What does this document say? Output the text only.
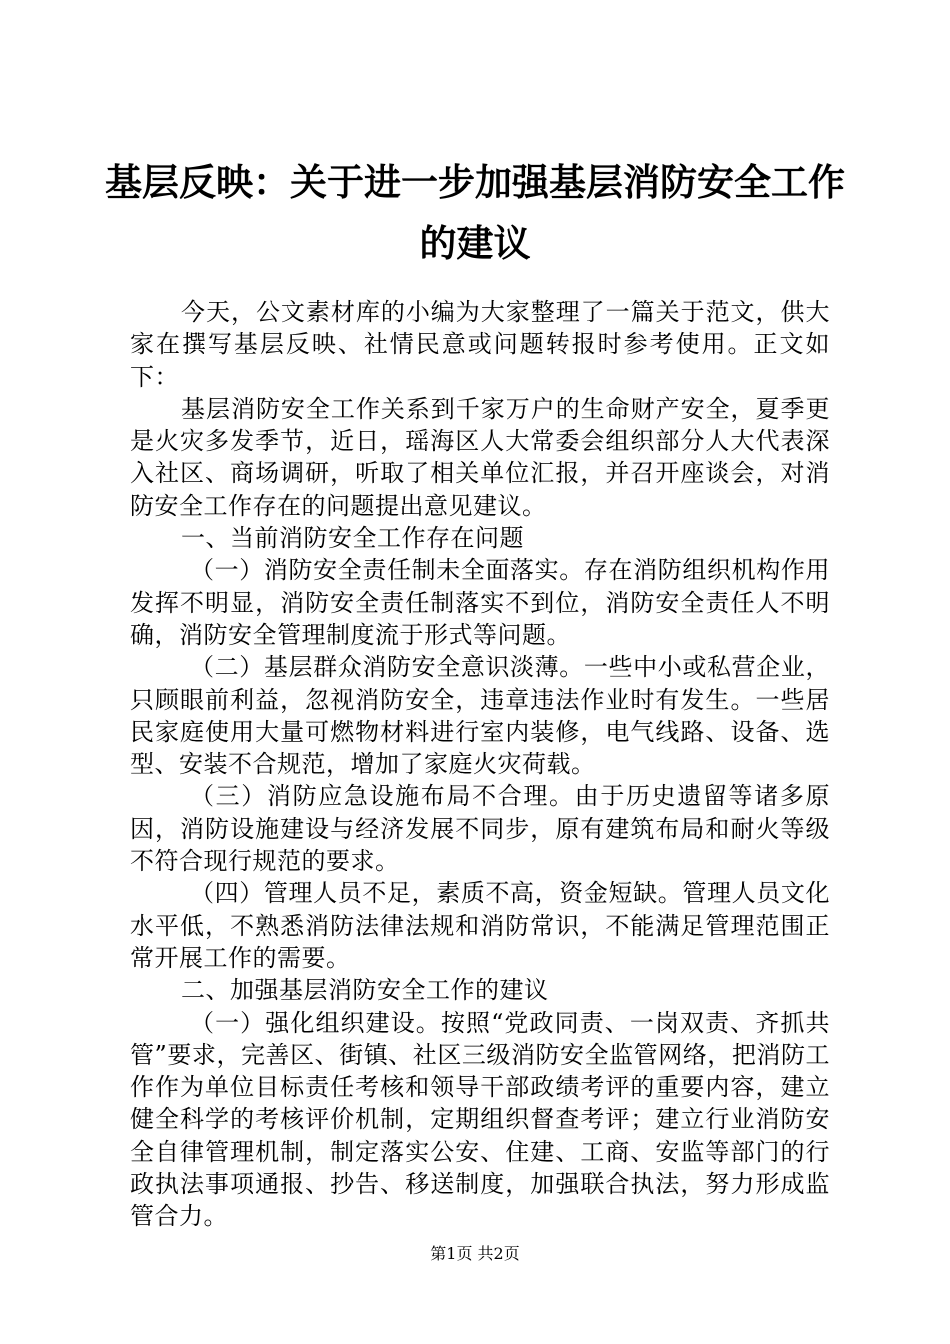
基层反映：关于进一步加强基层消防安全工作
的建议

今天，公文素材库的小编为大家整理了一篇关于范文，供大家在撰写基层反映、社情民意或问题转报时参考使用。正文如下：

基层消防安全工作关系到千家万户的生命财产安全，夏季更是火灾多发季节，近日，瑶海区人大常委会组织部分人大代表深入社区、商场调研，听取了相关单位汇报，并召开座谈会，对消防安全工作存在的问题提出意见建议。

一、当前消防安全工作存在问题

（一）消防安全责任制未全面落实。存在消防组织机构作用发挥不明显，消防安全责任制落实不到位，消防安全责任人不明确，消防安全管理制度流于形式等问题。

（二）基层群众消防安全意识淡薄。一些中小或私营企业，只顾眼前利益，忽视消防安全，违章违法作业时有发生。一些居民家庭使用大量可燃物材料进行室内装修，电气线路、设备、选型、安装不合规范，增加了家庭火灾荷载。

（三）消防应急设施布局不合理。由于历史遗留等诸多原因，消防设施建设与经济发展不同步，原有建筑布局和耐火等级不符合现行规范的要求。

（四）管理人员不足，素质不高，资金短缺。管理人员文化水平低，不熟悉消防法律法规和消防常识，不能满足管理范围正常开展工作的需要。

二、加强基层消防安全工作的建议

（一）强化组织建设。按照“党政同责、一岗双责、齐抓共管”要求，完善区、街镇、社区三级消防安全监管网络，把消防工作作为单位目标责任考核和领导干部政绩考评的重要内容，建立健全科学的考核评价机制，定期组织督查考评；建立行业消防安全自律管理机制，制定落实公安、住建、工商、安监等部门的行政执法事项通报、抄告、移送制度，加强联合执法，努力形成监管合力。

第1页 共2页
